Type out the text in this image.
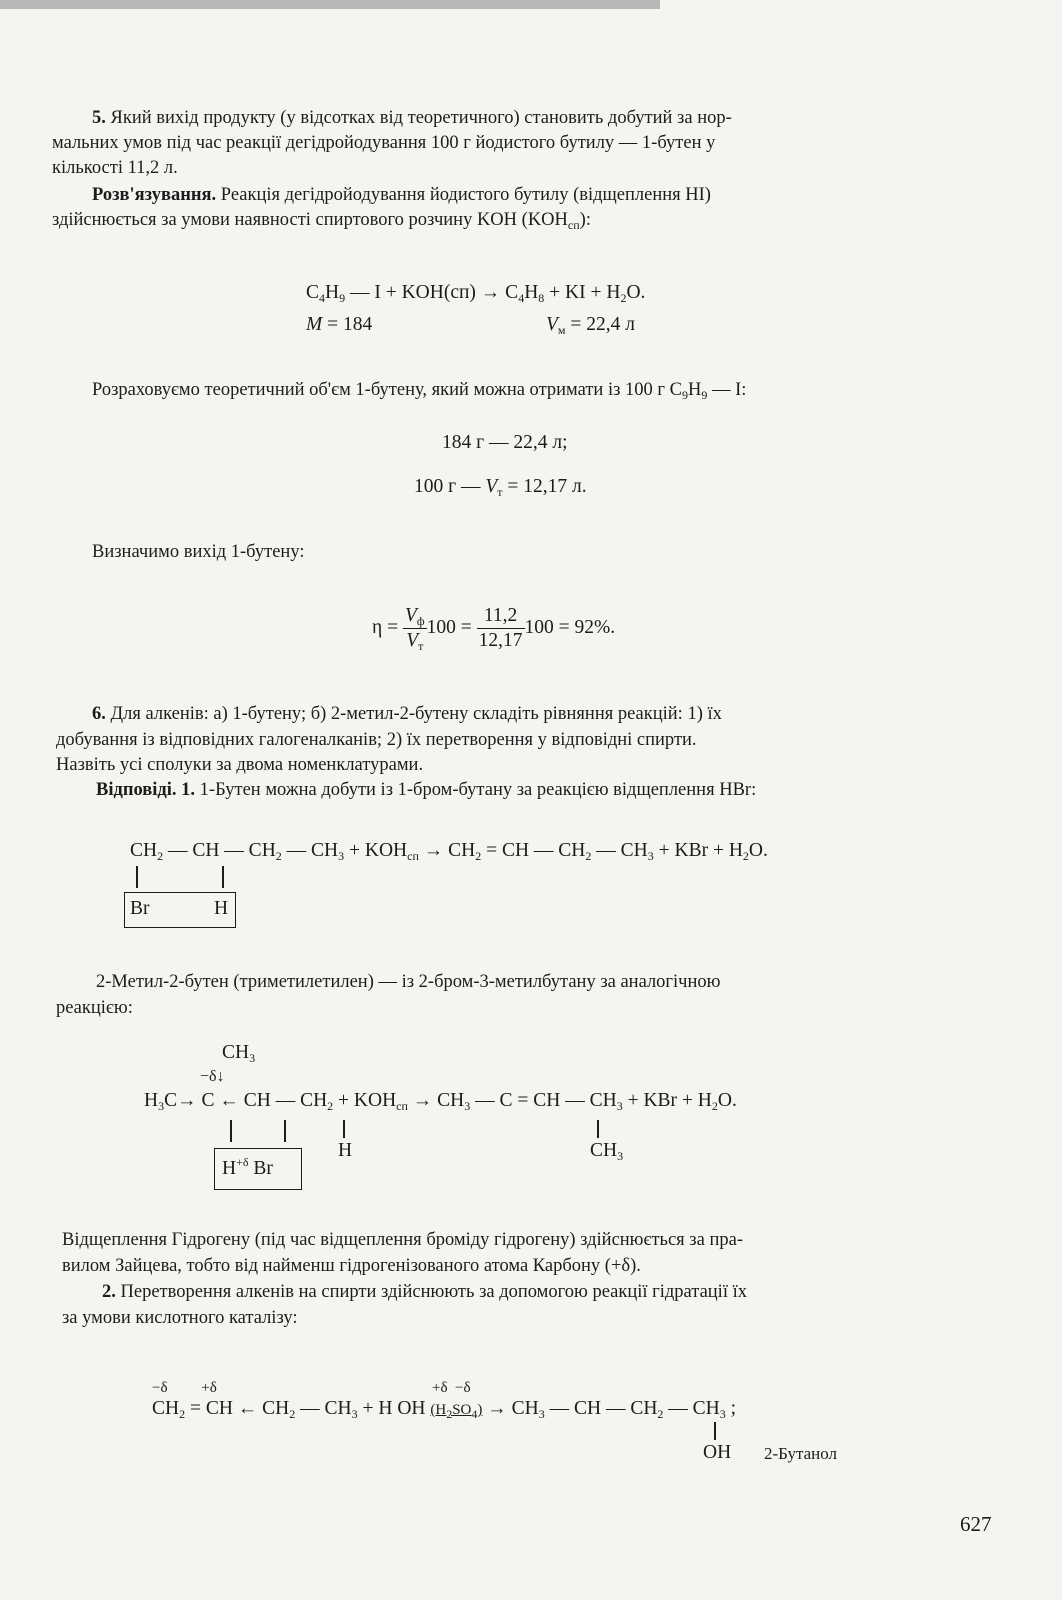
5. Який вихід продукту (у відсотках від теоретичного) становить добутий за нор-
мальних умов під час реакції дегідройодування 100 г йодистого бутилу — 1-бутен у
кількості 11,2 л.
Розв'язування. Реакція дегідройодування йодистого бутилу (відщеплення HI)
здійснюється за умови наявності спиртового розчину KOH $(KOH_{сп})$:
$C_4H_9$ — $I + KOH(сп) \to C_4H_8$ + KI + $H_2O$.
M = 184	$V_м = 22,4$ л
Розраховуємо теоретичний об'єм 1-бутену, який можна отримати із 100 г $C_9H_9$ — I:
184 г — 22,4 л;
100 г — $V_т = 12,17$ л.
Визначимо вихід 1-бутену:
$\eta = \frac{V_ф}{V_т} 100 = \frac{11,2}{12,17} 100 = 92\%$.
6. Для алкенів: а) 1-бутену; б) 2-метил-2-бутену складіть рівняння реакцій: 1) їх
добування із відповідних галогеналканів; 2) їх перетворення у відповідні спирти.
Назвіть усі сполуки за двома номенклатурами.
Відповіді. 1. 1-Бутен можна добути із 1-бром-бутану за реакцією відщеплення HBr:
$CH_2$ — CH — $CH_2$ — $CH_3 + KOH_{сп} \to CH_2$ = CH — $CH_2$ — $CH_3$ + KBr + $H_2O$.
Br	H
2-Метил-2-бутен (триметилетилен) — із 2-бром-3-метилбутану за аналогічною
реакцією:
$CH_3$
−δ↓
$H_3C\to C$ ← CH — $CH_2 + KOH_{сп} \to CH_3$ — C = CH — $CH_3$ + KBr + $H_2O$.
H	$CH_3$
$H^{+\delta}$ Br
Відщеплення Гідрогену (під час відщеплення броміду гідрогену) здійснюється за пра-
вилом Зайцева, тобто від найменш гідрогенізованого атома Карбону (+δ).
2. Перетворення алкенів на спирти здійснюють за допомогою реакції гідратації їх
за умови кислотного каталізу:
−δ         +δ	+δ  −δ
$CH_2$ = CH ← $CH_2$ — $CH_3 + H$ OH $(H_2SO_4) \to CH_3$ — CH — $CH_2$ — $CH_3$ ;
OH 2-Бутанол
627
